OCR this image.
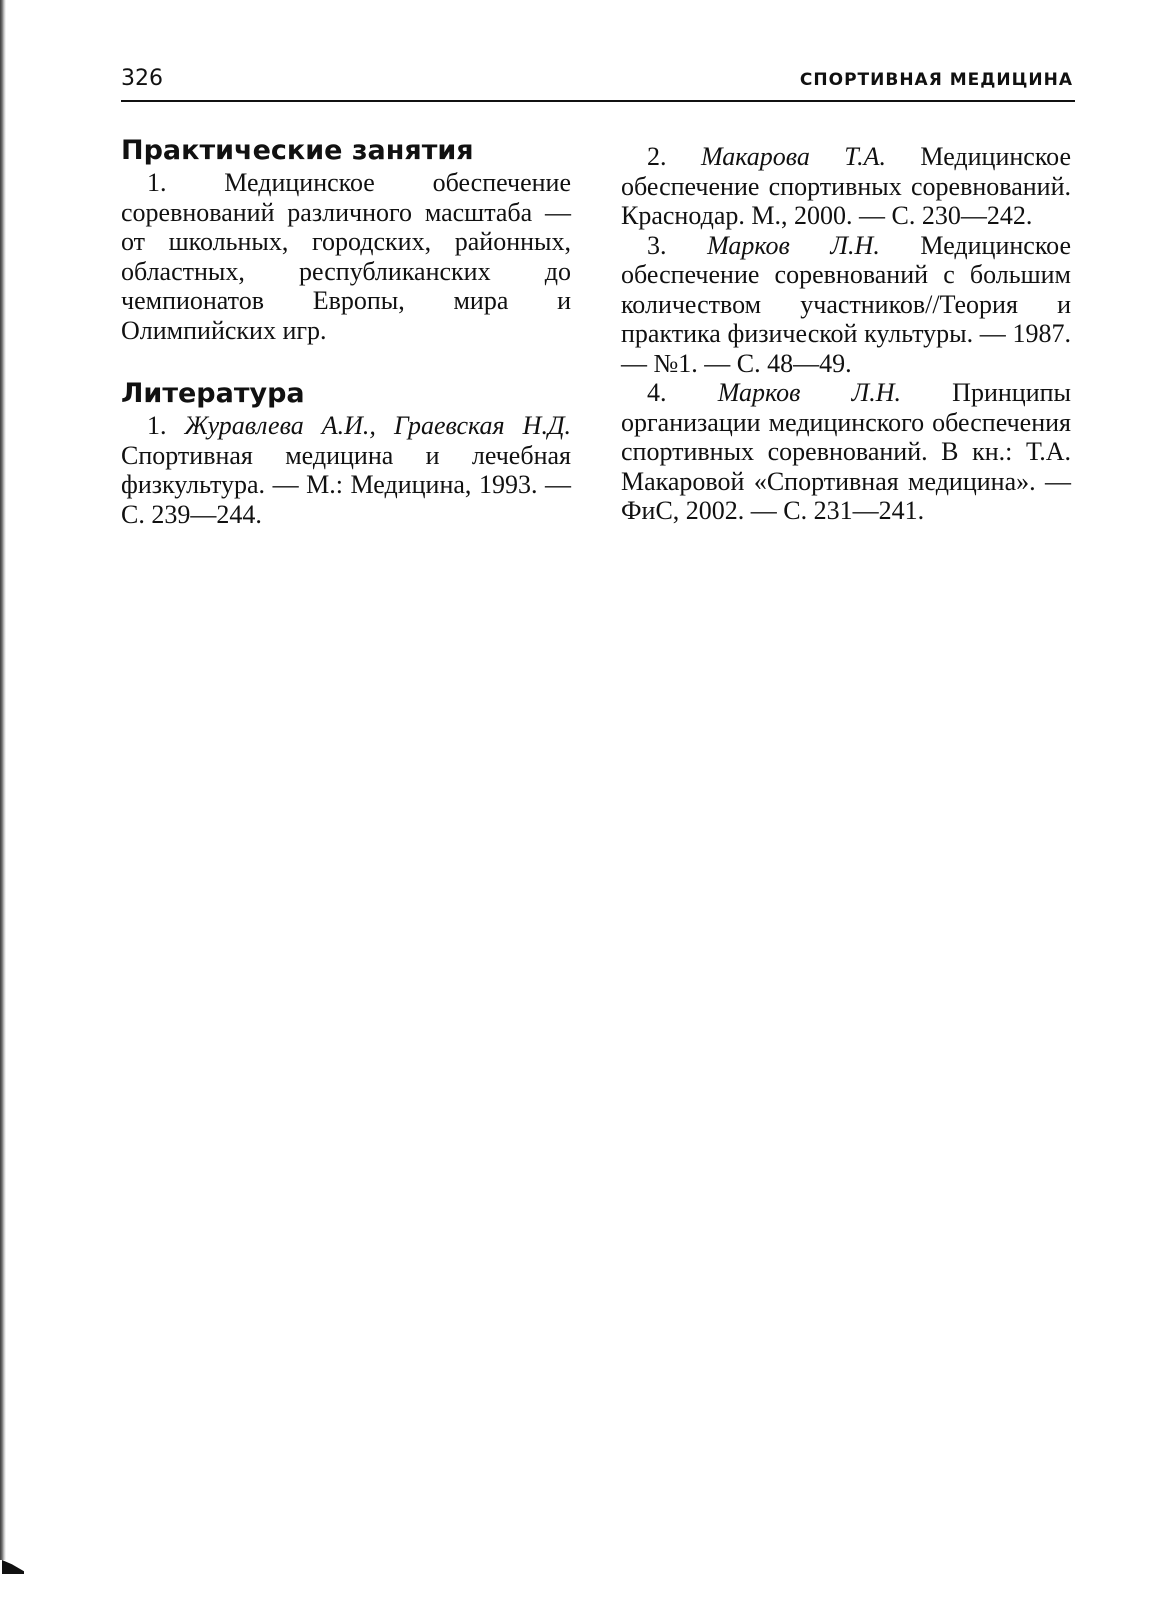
326	СПОРТИВНАЯ МЕДИЦИНА
Практические занятия

1. Медицинское обеспечение соревнований различного масштаба — от школьных, городских, районных, областных, республиканских до чемпионатов Европы, мира и Олимпийских игр.

Литература

1. Журавлева А.И., Граевская Н.Д. Спортивная медицина и лечебная физкультура. — М.: Медицина, 1993. — С. 239—244.

2. Макарова Т.А. Медицинское обеспечение спортивных соревнований. Краснодар. М., 2000. — С. 230—242.

3. Марков Л.Н. Медицинское обеспечение соревнований с большим количеством участников//Теория и практика физической культуры. — 1987. — №1. — С. 48—49.

4. Марков Л.Н. Принципы организации медицинского обеспечения спортивных соревнований. В кн.: Т.А. Макаровой «Спортивная медицина». — ФиС, 2002. — С. 231—241.
